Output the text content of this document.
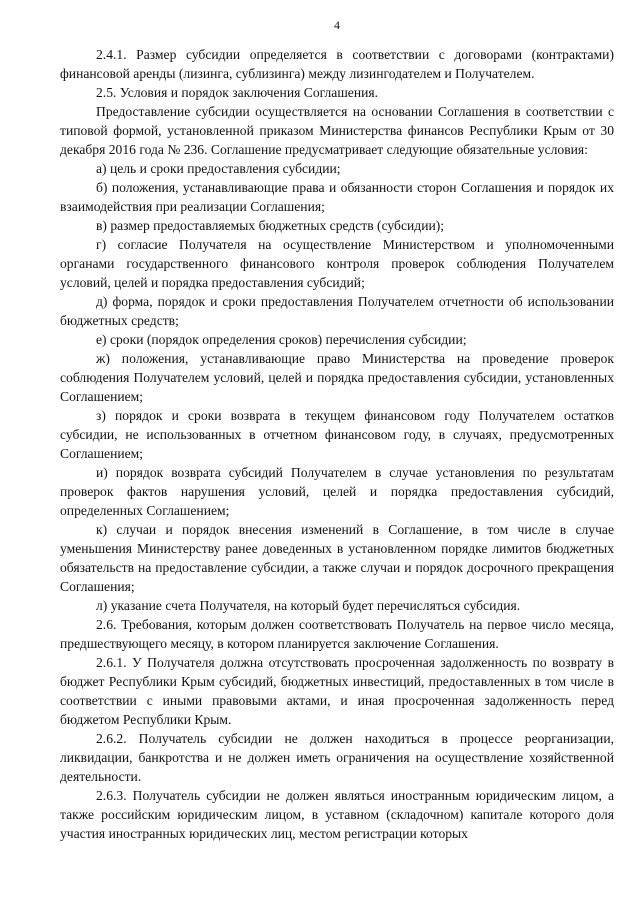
4

2.4.1. Размер субсидии определяется в соответствии с договорами (контрактами) финансовой аренды (лизинга, сублизинга) между лизингодателем и Получателем.

2.5. Условия и порядок заключения Соглашения.

Предоставление субсидии осуществляется на основании Соглашения в соответствии с типовой формой, установленной приказом Министерства финансов Республики Крым от 30 декабря 2016 года № 236. Соглашение предусматривает следующие обязательные условия:

а) цель и сроки предоставления субсидии;

б) положения, устанавливающие права и обязанности сторон Соглашения и порядок их взаимодействия при реализации Соглашения;

в) размер предоставляемых бюджетных средств (субсидии);

г) согласие Получателя на осуществление Министерством и уполномоченными органами государственного финансового контроля проверок соблюдения Получателем условий, целей и порядка предоставления субсидий;

д) форма, порядок и сроки предоставления Получателем отчетности об использовании бюджетных средств;

е) сроки (порядок определения сроков) перечисления субсидии;

ж) положения, устанавливающие право Министерства на проведение проверок соблюдения Получателем условий, целей и порядка предоставления субсидии, установленных Соглашением;

з) порядок и сроки возврата в текущем финансовом году Получателем остатков субсидии, не использованных в отчетном финансовом году, в случаях, предусмотренных Соглашением;

и) порядок возврата субсидий Получателем в случае установления по результатам проверок фактов нарушения условий, целей и порядка предоставления субсидий, определенных Соглашением;

к) случаи и порядок внесения изменений в Соглашение, в том числе в случае уменьшения Министерству ранее доведенных в установленном порядке лимитов бюджетных обязательств на предоставление субсидии, а также случаи и порядок досрочного прекращения Соглашения;

л) указание счета Получателя, на который будет перечисляться субсидия.

2.6. Требования, которым должен соответствовать Получатель на первое число месяца, предшествующего месяцу, в котором планируется заключение Соглашения.

2.6.1. У Получателя должна отсутствовать просроченная задолженность по возврату в бюджет Республики Крым субсидий, бюджетных инвестиций, предоставленных в том числе в соответствии с иными правовыми актами, и иная просроченная задолженность перед бюджетом Республики Крым.

2.6.2. Получатель субсидии не должен находиться в процессе реорганизации, ликвидации, банкротства и не должен иметь ограничения на осуществление хозяйственной деятельности.

2.6.3. Получатель субсидии не должен являться иностранным юридическим лицом, а также российским юридическим лицом, в уставном (складочном) капитале которого доля участия иностранных юридических лиц, местом регистрации которых
